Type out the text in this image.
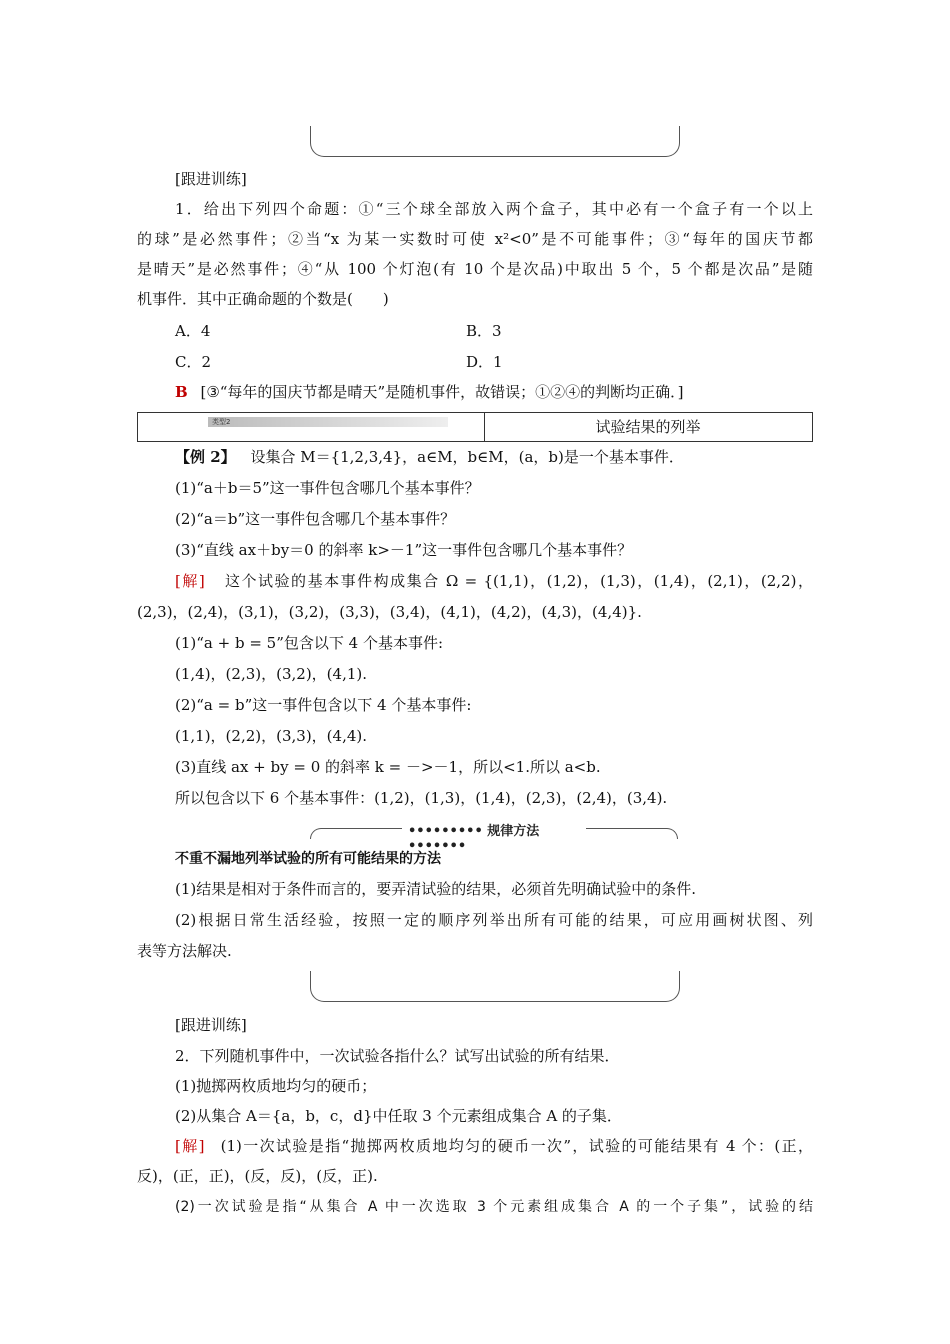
[跟进训练]
1．给出下列四个命题：①“三个球全部放入两个盒子，其中必有一个盒子有一个以上
的球”是必然事件；②当“x 为某一实数时可使 x²<0”是不可能事件；③“每年的国庆节都
是晴天”是必然事件；④“从 100 个灯泡(有 10 个是次品)中取出 5 个，5 个都是次品”是随
机事件．其中正确命题的个数是(　　)
A．4	B．3
C．2	D．1
B [③“每年的国庆节都是晴天”是随机事件，故错误；①②④的判断均正确．]
类型2	试验结果的列举
【例 2】 设集合 M＝{1,2,3,4}，a∈M，b∈M，(a，b)是一个基本事件．
(1)“a＋b＝5”这一事件包含哪几个基本事件？
(2)“a＝b”这一事件包含哪几个基本事件？
(3)“直线 ax＋by＝0 的斜率 k>－1”这一事件包含哪几个基本事件？
[解] 这个试验的基本事件构成集合 Ω = {(1,1)，(1,2)，(1,3)，(1,4)，(2,1)，(2,2)，
(2,3)，(2,4)，(3,1)，(3,2)，(3,3)，(3,4)，(4,1)，(4,2)，(4,3)，(4,4)}.
(1)“a + b = 5”包含以下 4 个基本事件:
(1,4)，(2,3)，(3,2)，(4,1).
(2)“a = b”这一事件包含以下 4 个基本事件:
(1,1)，(2,2)，(3,3)，(4,4).
(3)直线 ax + by = 0 的斜率 k = －>－1，所以<1.所以 a<b.
所以包含以下 6 个基本事件：(1,2)，(1,3)，(1,4)，(2,3)，(2,4)，(3,4).
••••••••• 规律方法 •••••••
不重不漏地列举试验的所有可能结果的方法
(1)结果是相对于条件而言的，要弄清试验的结果，必须首先明确试验中的条件.
(2)根据日常生活经验，按照一定的顺序列举出所有可能的结果，可应用画树状图、列
表等方法解决.
[跟进训练]
2．下列随机事件中，一次试验各指什么？试写出试验的所有结果．
(1)抛掷两枚质地均匀的硬币；
(2)从集合 A＝{a，b，c，d}中任取 3 个元素组成集合 A 的子集．
[解] (1)一次试验是指“抛掷两枚质地均匀的硬币一次”，试验的可能结果有 4 个：(正，
反)，(正，正)，(反，反)，(反，正).
(2)一次试验是指“从集合 A 中一次选取 3 个元素组成集合 A 的一个子集”，试验的结
